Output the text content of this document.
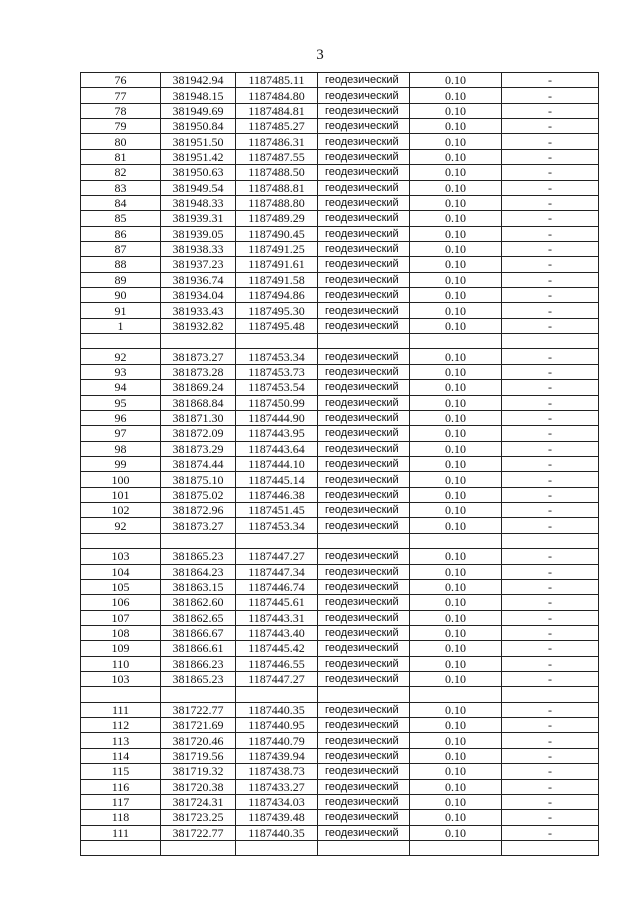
3
76	381942.94	1187485.11	геодезический	0.10	-
77	381948.15	1187484.80	геодезический	0.10	-
78	381949.69	1187484.81	геодезический	0.10	-
79	381950.84	1187485.27	геодезический	0.10	-
80	381951.50	1187486.31	геодезический	0.10	-
81	381951.42	1187487.55	геодезический	0.10	-
82	381950.63	1187488.50	геодезический	0.10	-
83	381949.54	1187488.81	геодезический	0.10	-
84	381948.33	1187488.80	геодезический	0.10	-
85	381939.31	1187489.29	геодезический	0.10	-
86	381939.05	1187490.45	геодезический	0.10	-
87	381938.33	1187491.25	геодезический	0.10	-
88	381937.23	1187491.61	геодезический	0.10	-
89	381936.74	1187491.58	геодезический	0.10	-
90	381934.04	1187494.86	геодезический	0.10	-
91	381933.43	1187495.30	геодезический	0.10	-
1	381932.82	1187495.48	геодезический	0.10	-

92	381873.27	1187453.34	геодезический	0.10	-
93	381873.28	1187453.73	геодезический	0.10	-
94	381869.24	1187453.54	геодезический	0.10	-
95	381868.84	1187450.99	геодезический	0.10	-
96	381871.30	1187444.90	геодезический	0.10	-
97	381872.09	1187443.95	геодезический	0.10	-
98	381873.29	1187443.64	геодезический	0.10	-
99	381874.44	1187444.10	геодезический	0.10	-
100	381875.10	1187445.14	геодезический	0.10	-
101	381875.02	1187446.38	геодезический	0.10	-
102	381872.96	1187451.45	геодезический	0.10	-
92	381873.27	1187453.34	геодезический	0.10	-

103	381865.23	1187447.27	геодезический	0.10	-
104	381864.23	1187447.34	геодезический	0.10	-
105	381863.15	1187446.74	геодезический	0.10	-
106	381862.60	1187445.61	геодезический	0.10	-
107	381862.65	1187443.31	геодезический	0.10	-
108	381866.67	1187443.40	геодезический	0.10	-
109	381866.61	1187445.42	геодезический	0.10	-
110	381866.23	1187446.55	геодезический	0.10	-
103	381865.23	1187447.27	геодезический	0.10	-

111	381722.77	1187440.35	геодезический	0.10	-
112	381721.69	1187440.95	геодезический	0.10	-
113	381720.46	1187440.79	геодезический	0.10	-
114	381719.56	1187439.94	геодезический	0.10	-
115	381719.32	1187438.73	геодезический	0.10	-
116	381720.38	1187433.27	геодезический	0.10	-
117	381724.31	1187434.03	геодезический	0.10	-
118	381723.25	1187439.48	геодезический	0.10	-
111	381722.77	1187440.35	геодезический	0.10	-
